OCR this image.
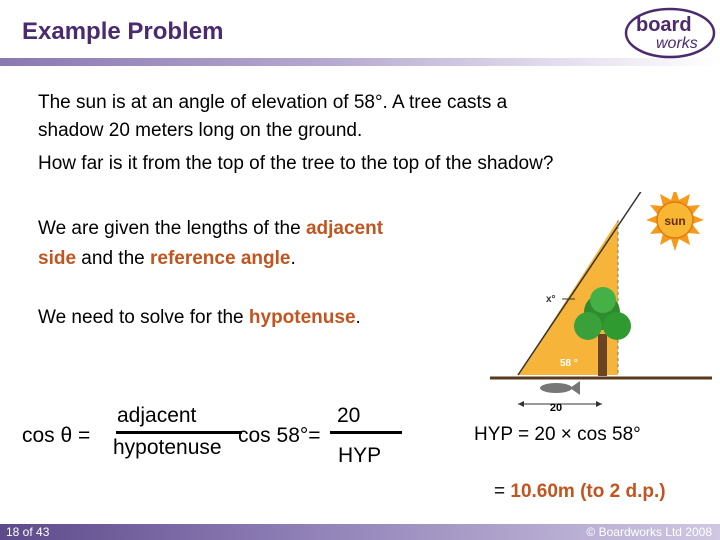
Example Problem	board
works
The sun is at an angle of elevation of 58°. A tree casts a
shadow 20 meters long on the ground.
How far is it from the top of the tree to the top of the shadow?
We are given the lengths of the adjacent
side and the reference angle.
We need to solve for the hypotenuse.
sun
x°
58 °
20
cos θ =
adjacent
hypotenuse
cos 58°=
20
HYP
HYP = 20 × cos 58°
= 10.60m (to 2 d.p.)
18 of 43	© Boardworks Ltd 2008
